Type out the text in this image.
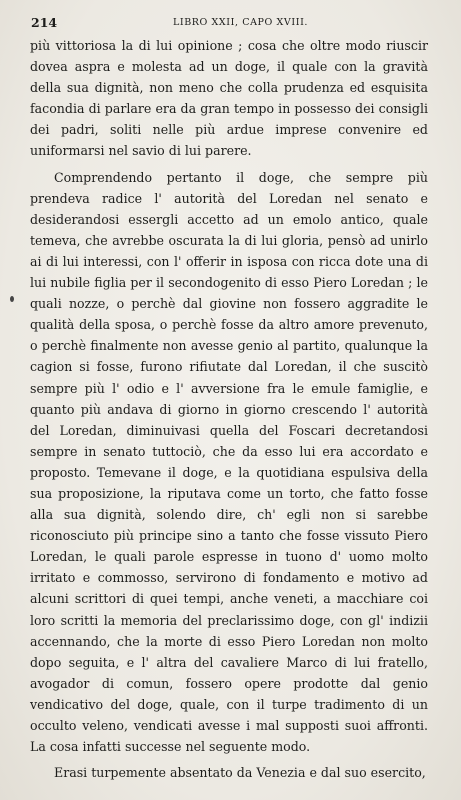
214	LIBRO XXII, CAPO XVIII.

più vittoriosa la di lui opinione ; cosa che oltre modo riuscir dovea aspra e molesta ad un doge, il quale con la gravità della sua dignità, non meno che colla prudenza ed esquisita facondia di parlare era da gran tempo in possesso dei consigli dei padri, soliti nelle più ardue imprese convenire ed uniformarsi nel savio di lui parere.

Comprendendo pertanto il doge, che sempre più prendeva radice l' autorità del Loredan nel senato e desiderandosi essergli accetto ad un emolo antico, quale temeva, che avrebbe oscurata la di lui gloria, pensò ad unirlo ai di lui interessi, con l' offerir in isposa con ricca dote una di lui nubile figlia per il secondogenito di esso Piero Loredan ; le quali nozze, o perchè dal giovine non fossero aggradite le qualità della sposa, o perchè fosse da altro amore prevenuto, o perchè finalmente non avesse genio al partito, qualunque la cagion si fosse, furono rifiutate dal Loredan, il che suscitò sempre più l' odio e l' avversione fra le emule famiglie, e quanto più andava di giorno in giorno crescendo l' autorità del Loredan, diminuivasi quella del Foscari decretandosi sempre in senato tuttociò, che da esso lui era accordato e proposto. Temevane il doge, e la quotidiana espulsiva della sua proposizione, la riputava come un torto, che fatto fosse alla sua dignità, solendo dire, ch' egli non si sarebbe riconosciuto più principe sino a tanto che fosse vissuto Piero Loredan, le quali parole espresse in tuono d' uomo molto irritato e commosso, servirono di fondamento e motivo ad alcuni scrittori di quei tempi, anche veneti, a macchiare coi loro scritti la memoria del preclarissimo doge, con gl' indizii accennando, che la morte di esso Piero Loredan non molto dopo seguita, e l' altra del cavaliere Marco di lui fratello, avogador di comun, fossero opere prodotte dal genio vendicativo del doge, quale, con il turpe tradimento di un occulto veleno, vendicati avesse i mal supposti suoi affronti. La cosa infatti successe nel seguente modo.

Erasi turpemente absentato da Venezia e dal suo esercito,
